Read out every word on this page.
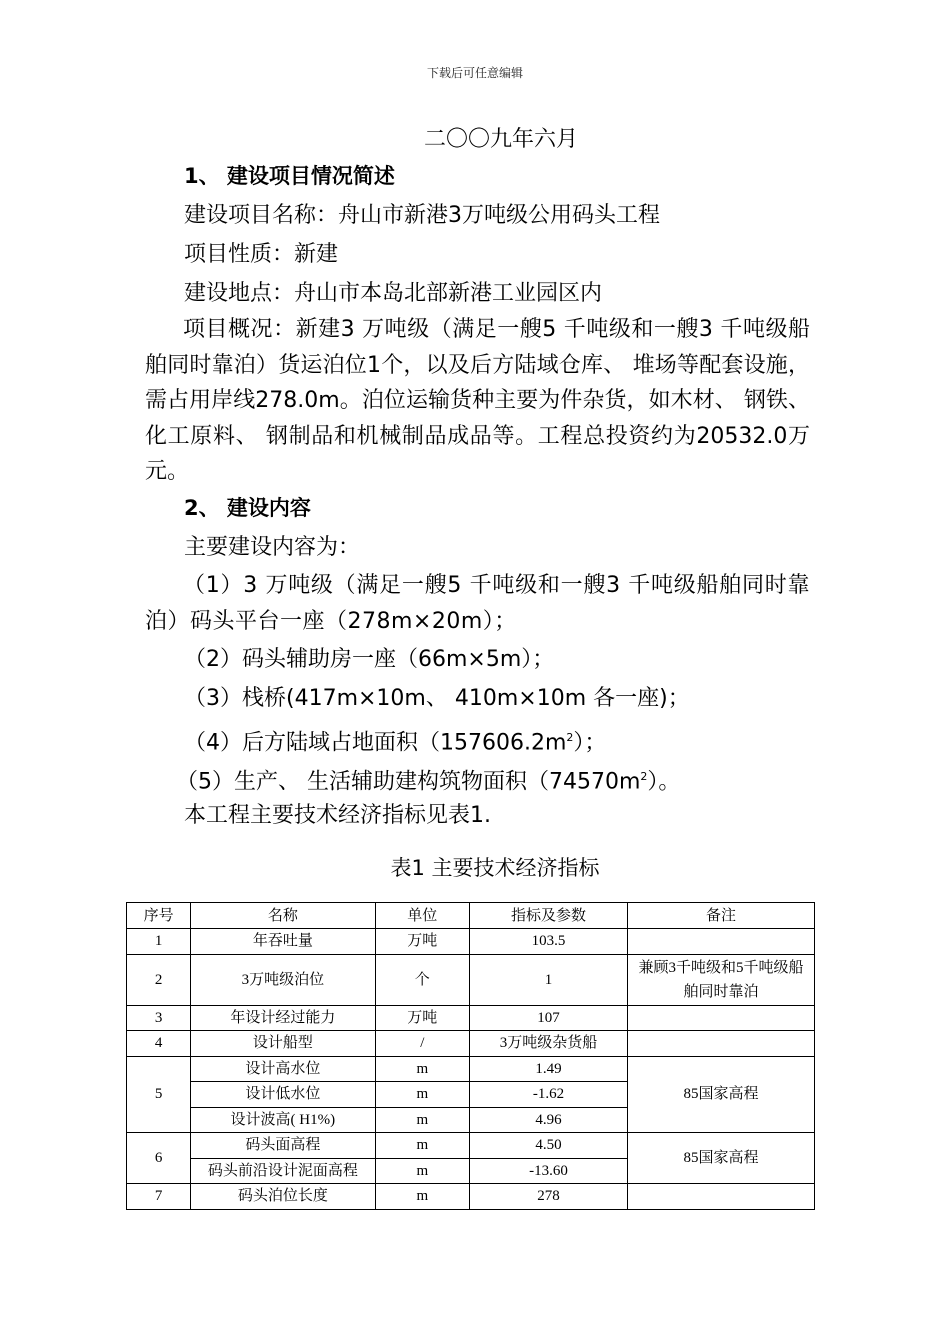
下载后可任意编辑
二〇〇九年六月
1、 建设项目情况简述
建设项目名称：舟山市新港3万吨级公用码头工程
项目性质：新建
建设地点：舟山市本岛北部新港工业园区内
项目概况：新建3 万吨级（满足一艘5 千吨级和一艘3 千吨级船舶同时靠泊）货运泊位1个，以及后方陆域仓库、 堆场等配套设施，需占用岸线278.0m。泊位运输货种主要为件杂货，如木材、 钢铁、 化工原料、 钢制品和机械制品成品等。工程总投资约为20532.0万元。
2、 建设内容
主要建设内容为：
（1）3 万吨级（满足一艘5 千吨级和一艘3 千吨级船舶同时靠泊）码头平台一座（278m×20m）；
（2）码头辅助房一座（66m×5m）；
（3）栈桥(417m×10m、 410m×10m 各一座)；
（4）后方陆域占地面积$(157606.2m^2)$；
（5）生产、 生活辅助建构筑物面积$(74570m^2)$。
本工程主要技术经济指标见表1.
表1 主要技术经济指标
序号	名称	单位	指标及参数	备注
1	年吞吐量	万吨	103.5	
2	3万吨级泊位	个	1	兼顾3千吨级和5千吨级船舶同时靠泊
3	年设计经过能力	万吨	107	
4	设计船型	/	3万吨级杂货船	
5	设计高水位	m	1.49	85国家高程
	设计低水位	m	-1.62	
	设计波高( H1%)	m	4.96	
6	码头面高程	m	4.50	85国家高程
	码头前沿设计泥面高程	m	-13.60	
7	码头泊位长度	m	278	
